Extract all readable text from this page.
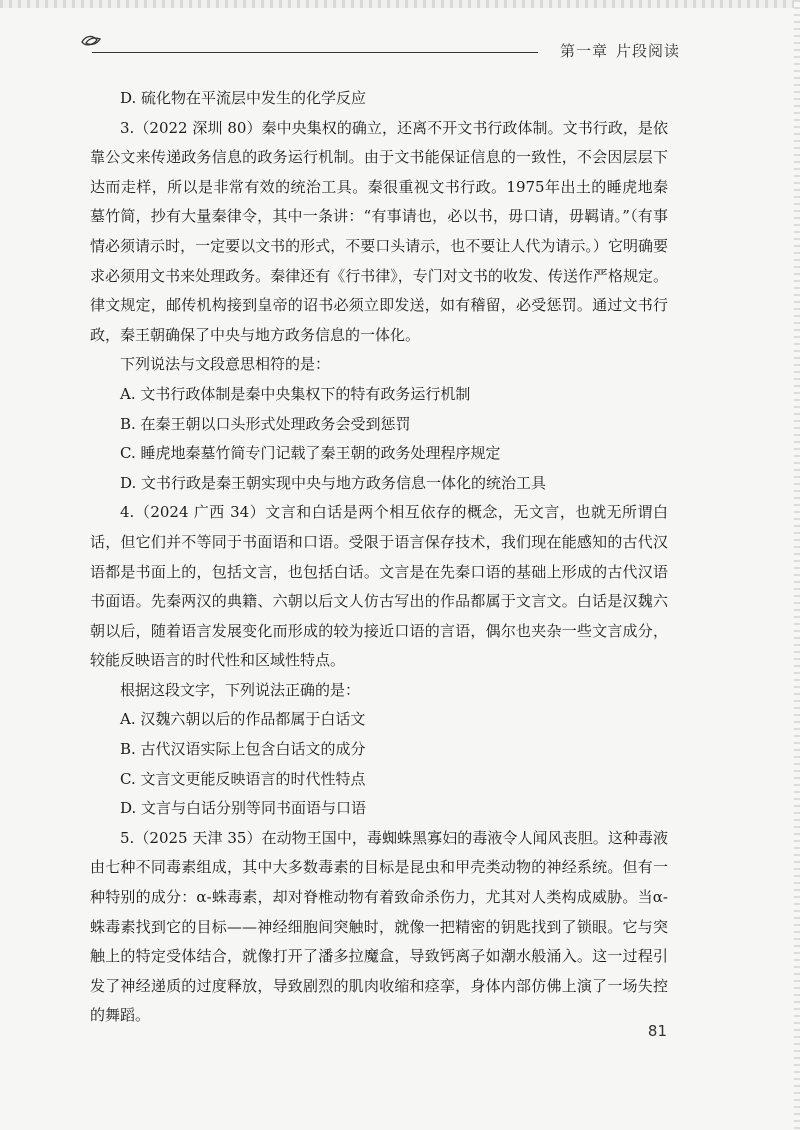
第一章 片段阅读

D. 硫化物在平流层中发生的化学反应

3.（2022 深圳 80）秦中央集权的确立，还离不开文书行政体制。文书行政，是依靠公文来传递政务信息的政务运行机制。由于文书能保证信息的一致性，不会因层层下达而走样，所以是非常有效的统治工具。秦很重视文书行政。1975年出土的睡虎地秦墓竹简，抄有大量秦律令，其中一条讲：“有事请也，必以书，毋口请，毋羁请。”（有事情必须请示时，一定要以文书的形式，不要口头请示，也不要让人代为请示。）它明确要求必须用文书来处理政务。秦律还有《行书律》，专门对文书的收发、传送作严格规定。律文规定，邮传机构接到皇帝的诏书必须立即发送，如有稽留，必受惩罚。通过文书行政，秦王朝确保了中央与地方政务信息的一体化。

下列说法与文段意思相符的是：

A. 文书行政体制是秦中央集权下的特有政务运行机制

B. 在秦王朝以口头形式处理政务会受到惩罚

C. 睡虎地秦墓竹简专门记载了秦王朝的政务处理程序规定

D. 文书行政是秦王朝实现中央与地方政务信息一体化的统治工具

4.（2024 广西 34）文言和白话是两个相互依存的概念，无文言，也就无所谓白话，但它们并不等同于书面语和口语。受限于语言保存技术，我们现在能感知的古代汉语都是书面上的，包括文言，也包括白话。文言是在先秦口语的基础上形成的古代汉语书面语。先秦两汉的典籍、六朝以后文人仿古写出的作品都属于文言文。白话是汉魏六朝以后，随着语言发展变化而形成的较为接近口语的言语，偶尔也夹杂一些文言成分，较能反映语言的时代性和区域性特点。

根据这段文字，下列说法正确的是：

A. 汉魏六朝以后的作品都属于白话文

B. 古代汉语实际上包含白话文的成分

C. 文言文更能反映语言的时代性特点

D. 文言与白话分别等同书面语与口语

5.（2025 天津 35）在动物王国中，毒蜘蛛黑寡妇的毒液令人闻风丧胆。这种毒液由七种不同毒素组成，其中大多数毒素的目标是昆虫和甲壳类动物的神经系统。但有一种特别的成分：α-蛛毒素，却对脊椎动物有着致命杀伤力，尤其对人类构成威胁。当α-蛛毒素找到它的目标——神经细胞间突触时，就像一把精密的钥匙找到了锁眼。它与突触上的特定受体结合，就像打开了潘多拉魔盒，导致钙离子如潮水般涌入。这一过程引发了神经递质的过度释放，导致剧烈的肌肉收缩和痉挛，身体内部仿佛上演了一场失控的舞蹈。

81
